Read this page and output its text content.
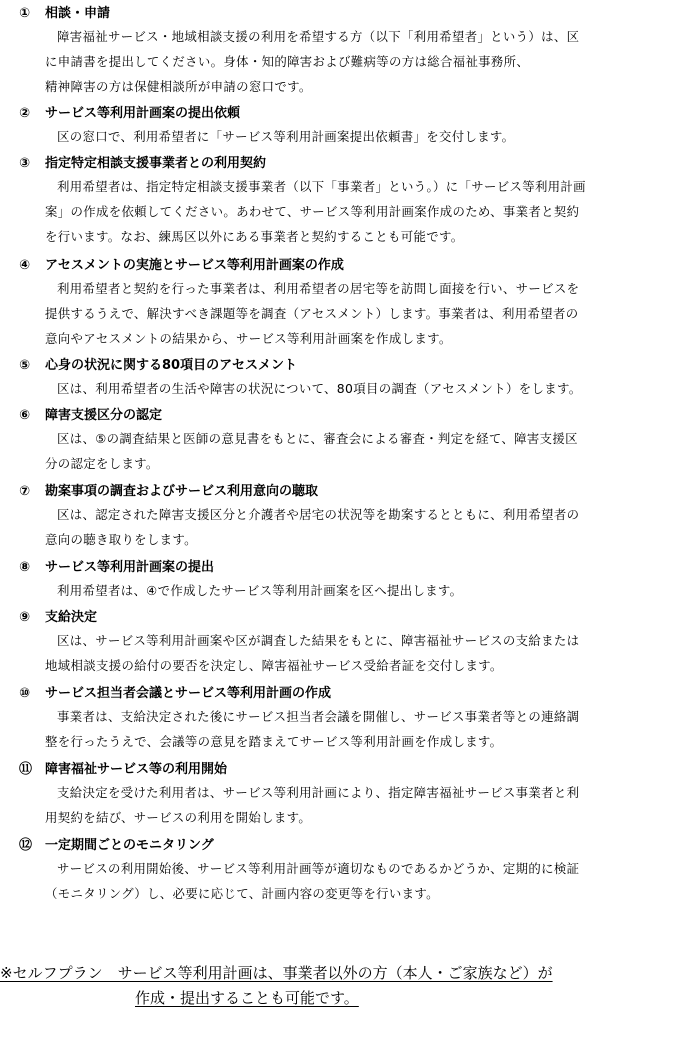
① 相談・申請
障害福祉サービス・地域相談支援の利用を希望する方（以下「利用希望者」という）は、区
に申請書を提出してください。身体・知的障害および難病等の方は総合福祉事務所、
精神障害の方は保健相談所が申請の窓口です。
② サービス等利用計画案の提出依頼
区の窓口で、利用希望者に「サービス等利用計画案提出依頼書」を交付します。
③ 指定特定相談支援事業者との利用契約
利用希望者は、指定特定相談支援事業者（以下「事業者」という。）に「サービス等利用計画
案」の作成を依頼してください。あわせて、サービス等利用計画案作成のため、事業者と契約
を行います。なお、練馬区以外にある事業者と契約することも可能です。
④ アセスメントの実施とサービス等利用計画案の作成
利用希望者と契約を行った事業者は、利用希望者の居宅等を訪問し面接を行い、サービスを
提供するうえで、解決すべき課題等を調査（アセスメント）します。事業者は、利用希望者の
意向やアセスメントの結果から、サービス等利用計画案を作成します。
⑤ 心身の状況に関する80項目のアセスメント
区は、利用希望者の生活や障害の状況について、80項目の調査（アセスメント）をします。
⑥ 障害支援区分の認定
区は、⑤の調査結果と医師の意見書をもとに、審査会による審査・判定を経て、障害支援区
分の認定をします。
⑦ 勘案事項の調査およびサービス利用意向の聴取
区は、認定された障害支援区分と介護者や居宅の状況等を勘案するとともに、利用希望者の
意向の聴き取りをします。
⑧ サービス等利用計画案の提出
利用希望者は、④で作成したサービス等利用計画案を区へ提出します。
⑨ 支給決定
区は、サービス等利用計画案や区が調査した結果をもとに、障害福祉サービスの支給または
地域相談支援の給付の要否を決定し、障害福祉サービス受給者証を交付します。
⑩ サービス担当者会議とサービス等利用計画の作成
事業者は、支給決定された後にサービス担当者会議を開催し、サービス事業者等との連絡調
整を行ったうえで、会議等の意見を踏まえてサービス等利用計画を作成します。
⑪ 障害福祉サービス等の利用開始
支給決定を受けた利用者は、サービス等利用計画により、指定障害福祉サービス事業者と利
用契約を結び、サービスの利用を開始します。
⑫ 一定期間ごとのモニタリング
サービスの利用開始後、サービス等利用計画等が適切なものであるかどうか、定期的に検証
（モニタリング）し、必要に応じて、計画内容の変更等を行います。
※セルフプラン　サービス等利用計画は、事業者以外の方（本人・ご家族など）が
作成・提出することも可能です。
